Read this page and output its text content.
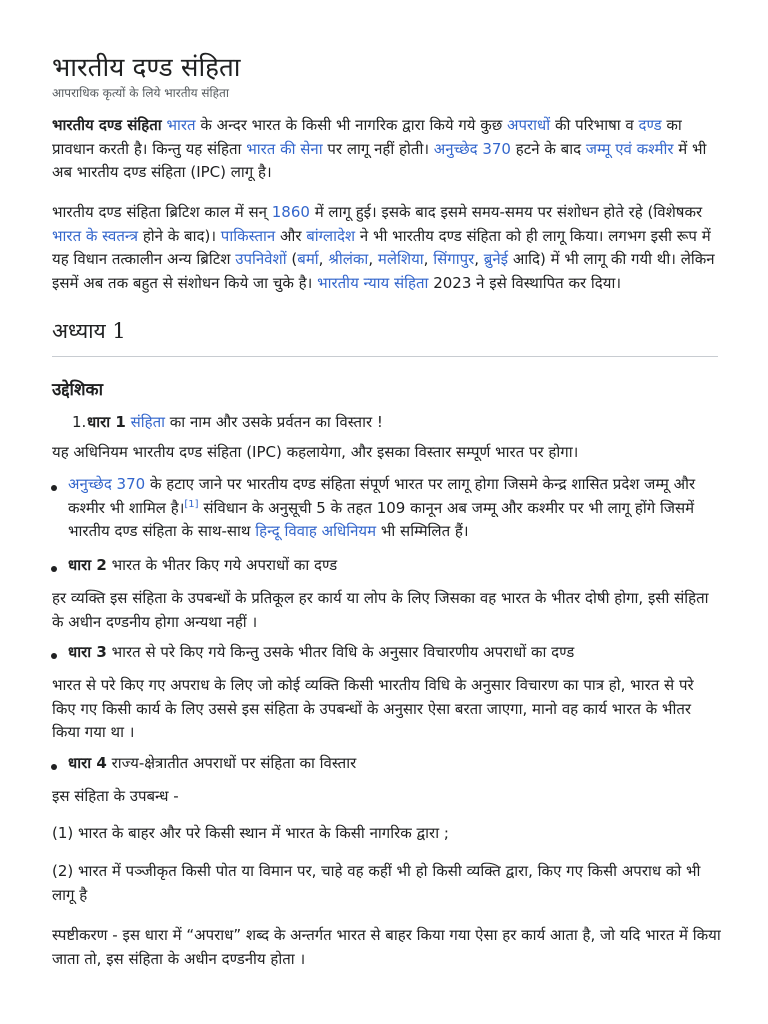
भारतीय दण्ड संहिता
आपराधिक कृत्यों के लिये भारतीय संहिता

भारतीय दण्ड संहिता भारत के अन्दर भारत के किसी भी नागरिक द्वारा किये गये कुछ अपराधों की परिभाषा व दण्ड का प्रावधान करती है। किन्तु यह संहिता भारत की सेना पर लागू नहीं होती। अनुच्छेद 370 हटने के बाद जम्मू एवं कश्मीर में भी अब भारतीय दण्ड संहिता (IPC) लागू है।

भारतीय दण्ड संहिता ब्रिटिश काल में सन् 1860 में लागू हुई। इसके बाद इसमे समय-समय पर संशोधन होते रहे (विशेषकर भारत के स्वतन्त्र होने के बाद)। पाकिस्तान और बांग्लादेश ने भी भारतीय दण्ड संहिता को ही लागू किया। लगभग इसी रूप में यह विधान तत्कालीन अन्य ब्रिटिश उपनिवेशों (बर्मा, श्रीलंका, मलेशिया, सिंगापुर, ब्रुनेई आदि) में भी लागू की गयी थी। लेकिन इसमें अब तक बहुत से संशोधन किये जा चुके है। भारतीय न्याय संहिता 2023 ने इसे विस्थापित कर दिया।

अध्याय 1
उद्देशिका
1. धारा 1 संहिता का नाम और उसके प्रर्वतन का विस्तार !

यह अधिनियम भारतीय दण्ड संहिता (IPC) कहलायेगा, और इसका विस्तार सम्पूर्ण भारत पर होगा।

अनुच्छेद 370 के हटाए जाने पर भारतीय दण्ड संहिता संपूर्ण भारत पर लागू होगा जिसमे केन्द्र शासित प्रदेश जम्मू और कश्मीर भी शामिल है।[1] संविधान के अनुसूची 5 के तहत 109 कानून अब जम्मू और कश्मीर पर भी लागू होंगे जिसमें भारतीय दण्ड संहिता के साथ-साथ हिन्दू विवाह अधिनियम भी सम्मिलित हैं।

धारा 2 भारत के भीतर किए गये अपराधों का दण्ड

हर व्यक्ति इस संहिता के उपबन्धों के प्रतिकूल हर कार्य या लोप के लिए जिसका वह भारत के भीतर दोषी होगा, इसी संहिता के अधीन दण्डनीय होगा अन्यथा नहीं ।

धारा 3 भारत से परे किए गये किन्तु उसके भीतर विधि के अनुसार विचारणीय अपराधों का दण्ड

भारत से परे किए गए अपराध के लिए जो कोई व्यक्ति किसी भारतीय विधि के अनुसार विचारण का पात्र हो, भारत से परे किए गए किसी कार्य के लिए उससे इस संहिता के उपबन्धों के अनुसार ऐसा बरता जाएगा, मानो वह कार्य भारत के भीतर किया गया था ।

धारा 4 राज्य-क्षेत्रातीत अपराधों पर संहिता का विस्तार

इस संहिता के उपबन्ध -

(1) भारत के बाहर और परे किसी स्थान में भारत के किसी नागरिक द्वारा ;

(2) भारत में पञ्जीकृत किसी पोत या विमान पर, चाहे वह कहीं भी हो किसी व्यक्ति द्वारा, किए गए किसी अपराध को भी लागू है

स्पष्टीकरण - इस धारा में “अपराध” शब्द के अन्तर्गत भारत से बाहर किया गया ऐसा हर कार्य आता है, जो यदि भारत में किया जाता तो, इस संहिता के अधीन दण्डनीय होता ।
